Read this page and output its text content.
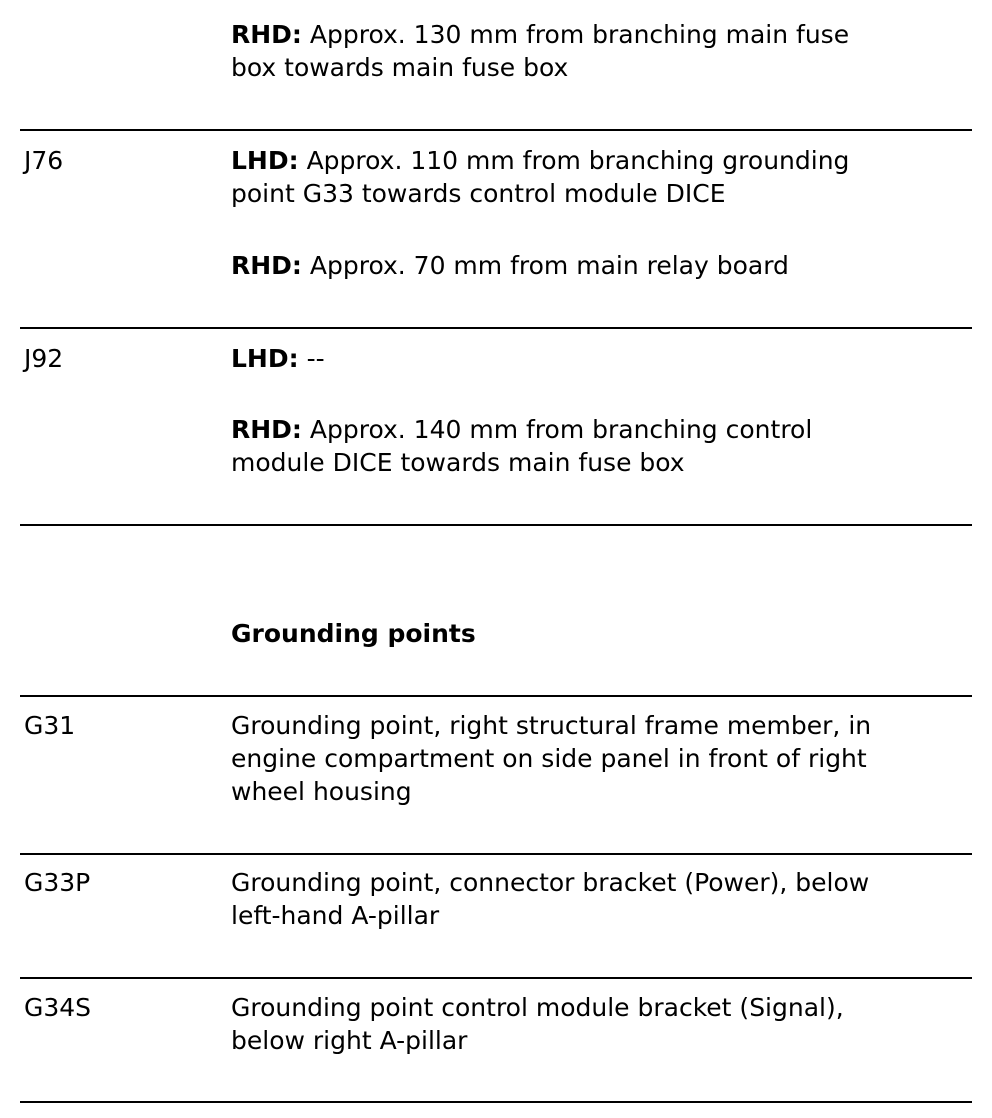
RHD: Approx. 130 mm from branching main fuse
box towards main fuse box
J76	LHD: Approx. 110 mm from branching grounding
point G33 towards control module DICE
RHD: Approx. 70 mm from main relay board
J92	LHD: --
RHD: Approx. 140 mm from branching control
module DICE towards main fuse box
Grounding points
G31	Grounding point, right structural frame member, in
engine compartment on side panel in front of right
wheel housing
G33P	Grounding point, connector bracket (Power), below
left-hand A-pillar
G34S	Grounding point control module bracket (Signal),
below right A-pillar
